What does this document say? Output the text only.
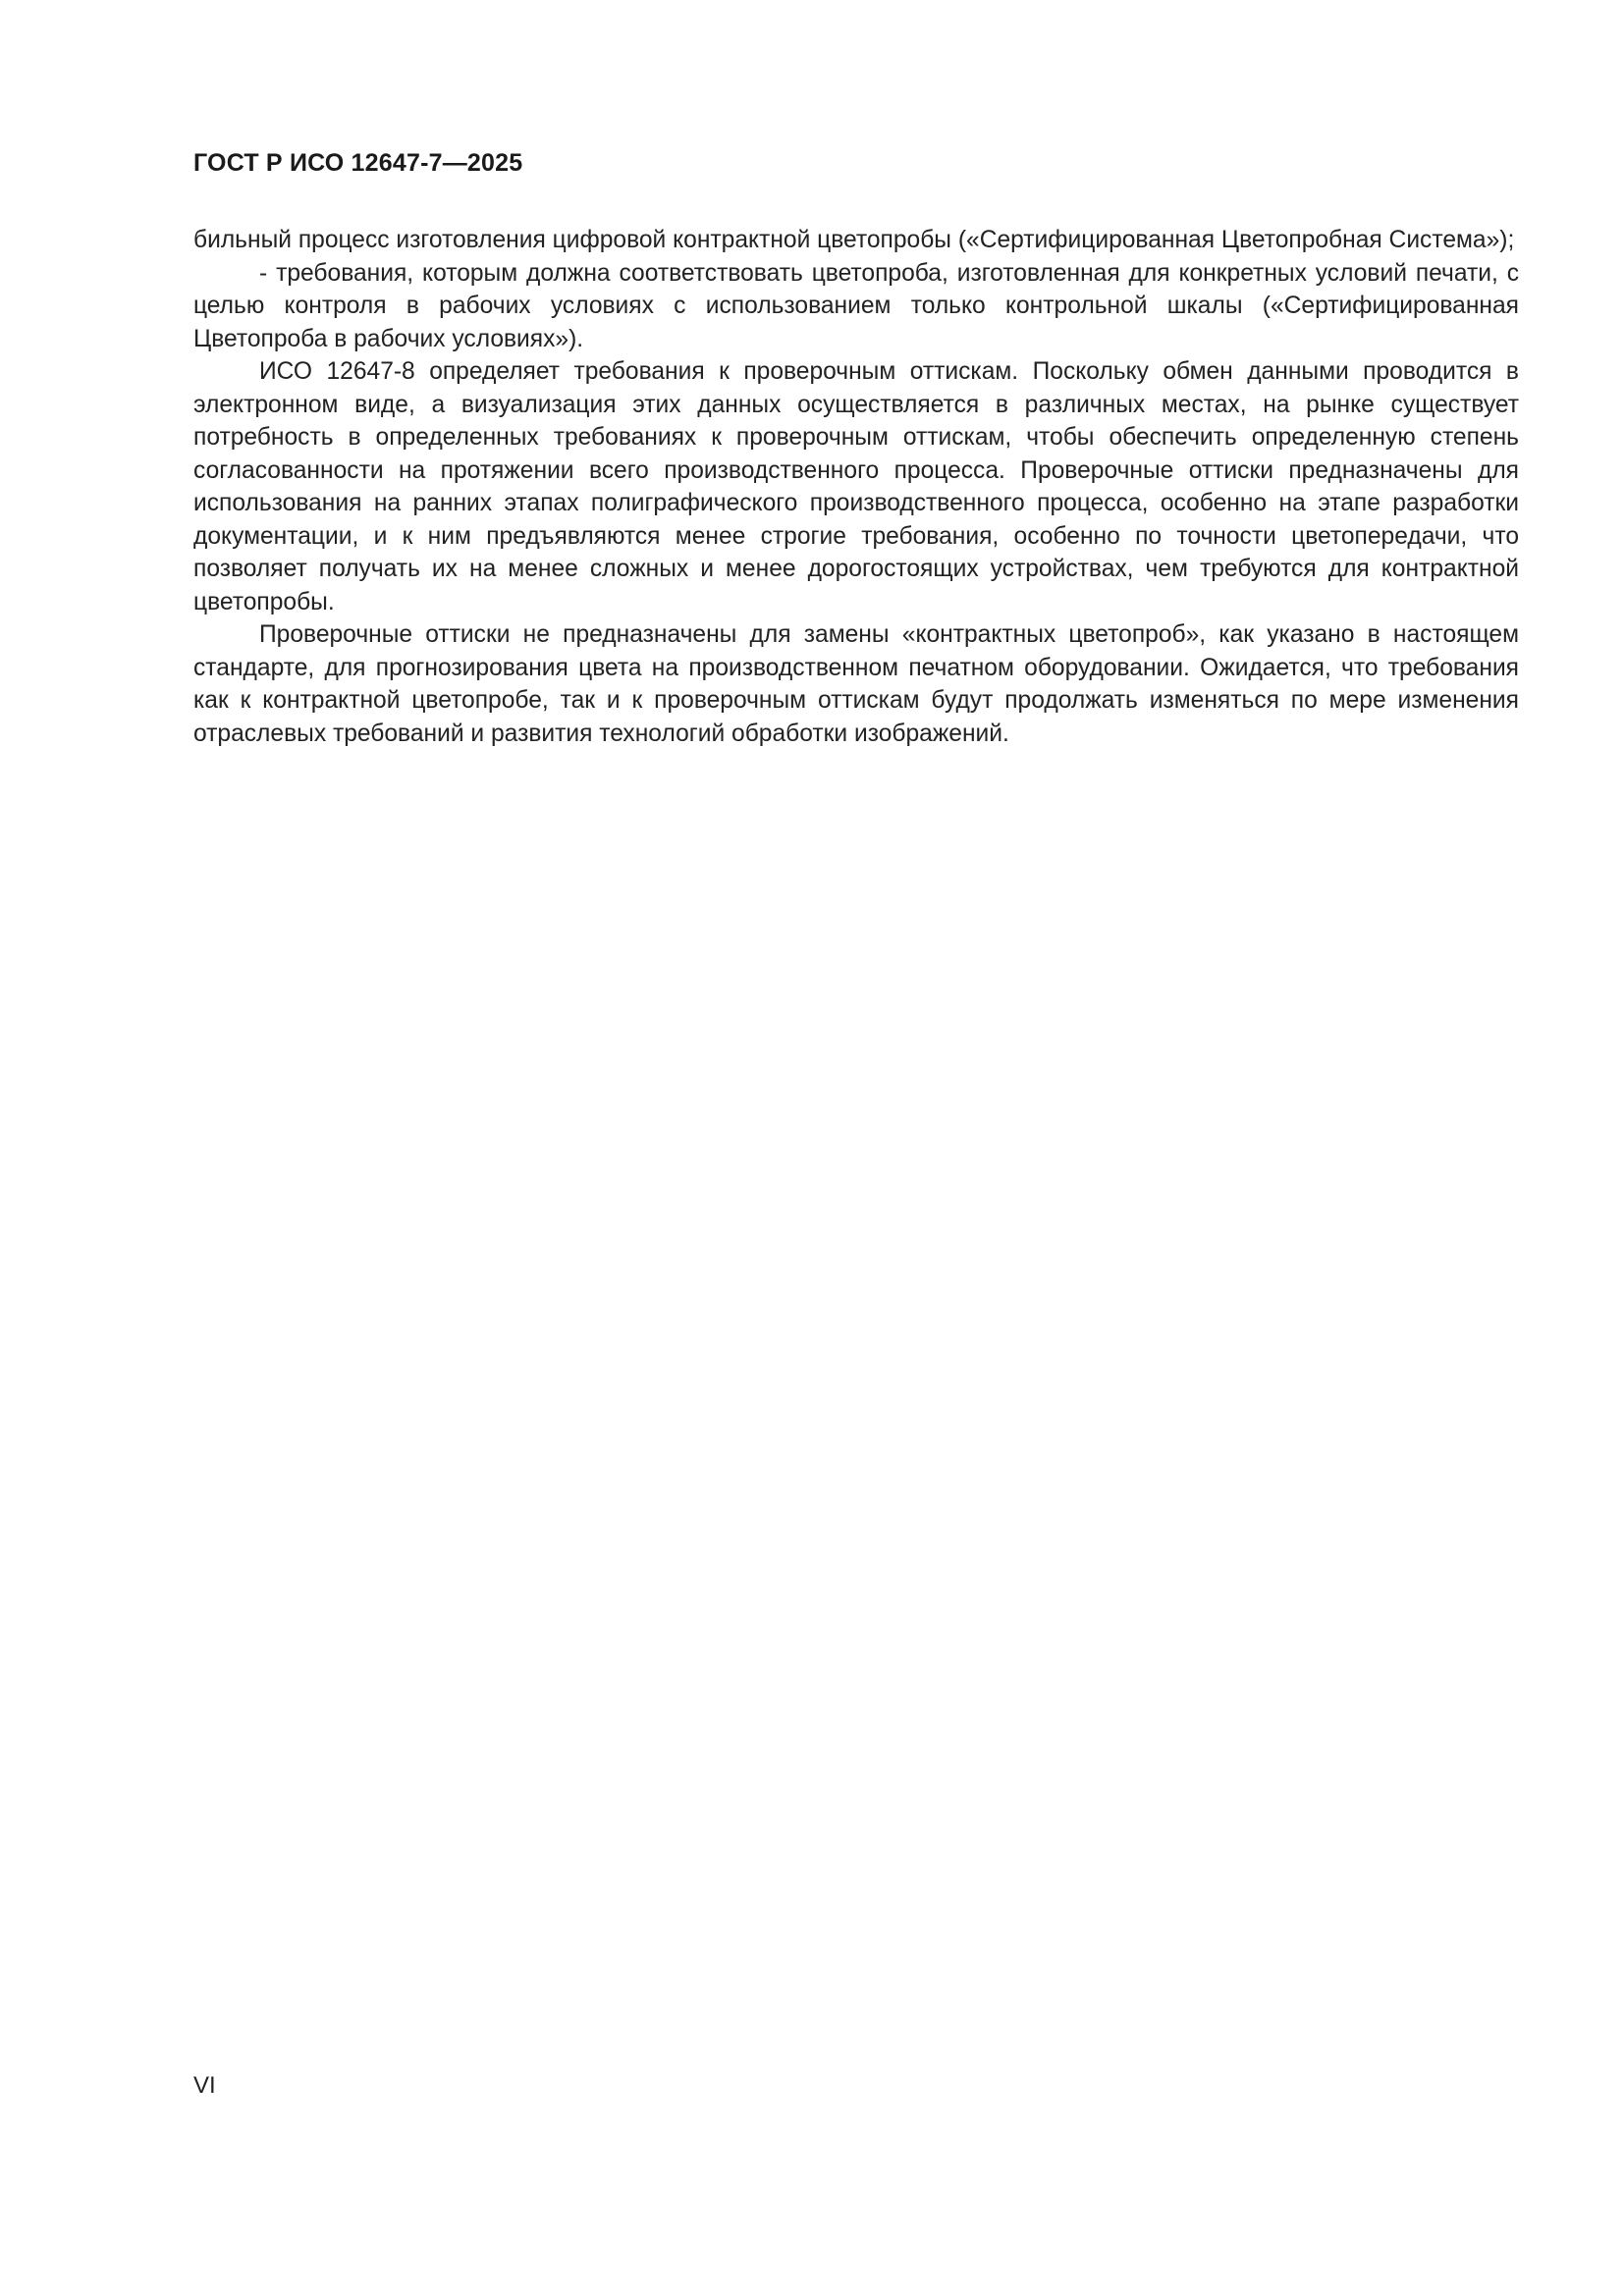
ГОСТ Р ИСО 12647-7—2025

бильный процесс изготовления цифровой контрактной цветопробы («Сертифицированная Цветопробная Система»);

- требования, которым должна соответствовать цветопроба, изготовленная для конкретных условий печати, с целью контроля в рабочих условиях с использованием только контрольной шкалы («Сертифицированная Цветопроба в рабочих условиях»).

ИСО 12647-8 определяет требования к проверочным оттискам. Поскольку обмен данными проводится в электронном виде, а визуализация этих данных осуществляется в различных местах, на рынке существует потребность в определенных требованиях к проверочным оттискам, чтобы обеспечить определенную степень согласованности на протяжении всего производственного процесса. Проверочные оттиски предназначены для использования на ранних этапах полиграфического производственного процесса, особенно на этапе разработки документации, и к ним предъявляются менее строгие требования, особенно по точности цветопередачи, что позволяет получать их на менее сложных и менее дорогостоящих устройствах, чем требуются для контрактной цветопробы.

Проверочные оттиски не предназначены для замены «контрактных цветопроб», как указано в настоящем стандарте, для прогнозирования цвета на производственном печатном оборудовании. Ожидается, что требования как к контрактной цветопробе, так и к проверочным оттискам будут продолжать изменяться по мере изменения отраслевых требований и развития технологий обработки изображений.

VI
